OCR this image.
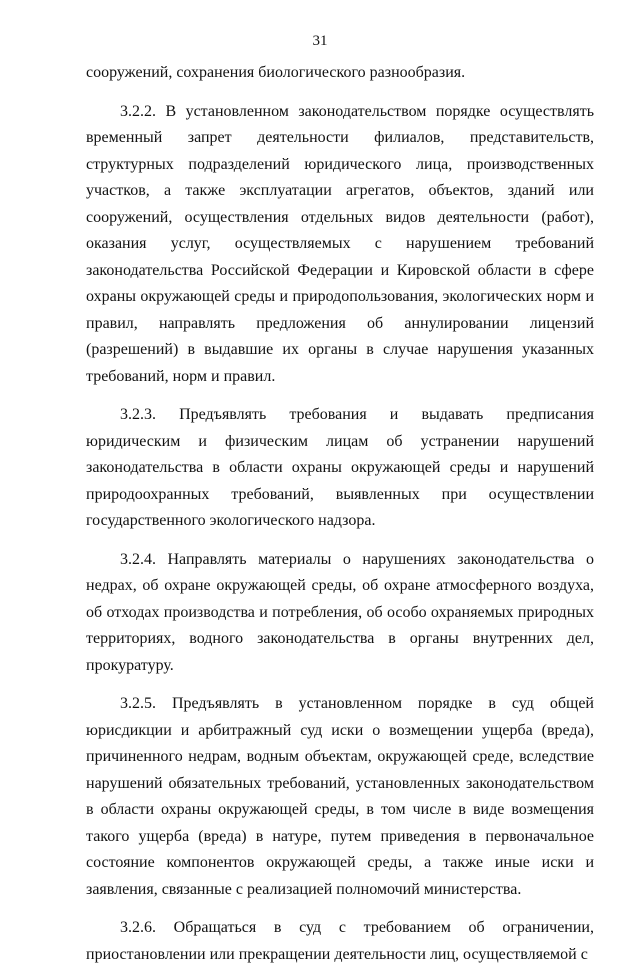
31

сооружений, сохранения биологического разнообразия.

3.2.2. В установленном законодательством порядке осуществлять временный запрет деятельности филиалов, представительств, структурных подразделений юридического лица, производственных участков, а также эксплуатации агрегатов, объектов, зданий или сооружений, осуществления отдельных видов деятельности (работ), оказания услуг, осуществляемых с нарушением требований законодательства Российской Федерации и Кировской области в сфере охраны окружающей среды и природопользования, экологических норм и правил, направлять предложения об аннулировании лицензий (разрешений) в выдавшие их органы в случае нарушения указанных требований, норм и правил.

3.2.3. Предъявлять требования и выдавать предписания юридическим и физическим лицам об устранении нарушений законодательства в области охраны окружающей среды и нарушений природоохранных требований, выявленных при осуществлении государственного экологического надзора.

3.2.4. Направлять материалы о нарушениях законодательства о недрах, об охране окружающей среды, об охране атмосферного воздуха, об отходах производства и потребления, об особо охраняемых природных территориях, водного законодательства в органы внутренних дел, прокуратуру.

3.2.5. Предъявлять в установленном порядке в суд общей юрисдикции и арбитражный суд иски о возмещении ущерба (вреда), причиненного недрам, водным объектам, окружающей среде, вследствие нарушений обязательных требований, установленных законодательством в области охраны окружающей среды, в том числе в виде возмещения такого ущерба (вреда) в натуре, путем приведения в первоначальное состояние компонентов окружающей среды, а также иные иски и заявления, связанные с реализацией полномочий министерства.

3.2.6. Обращаться в суд с требованием об ограничении, приостановлении или прекращении деятельности лиц, осуществляемой с
